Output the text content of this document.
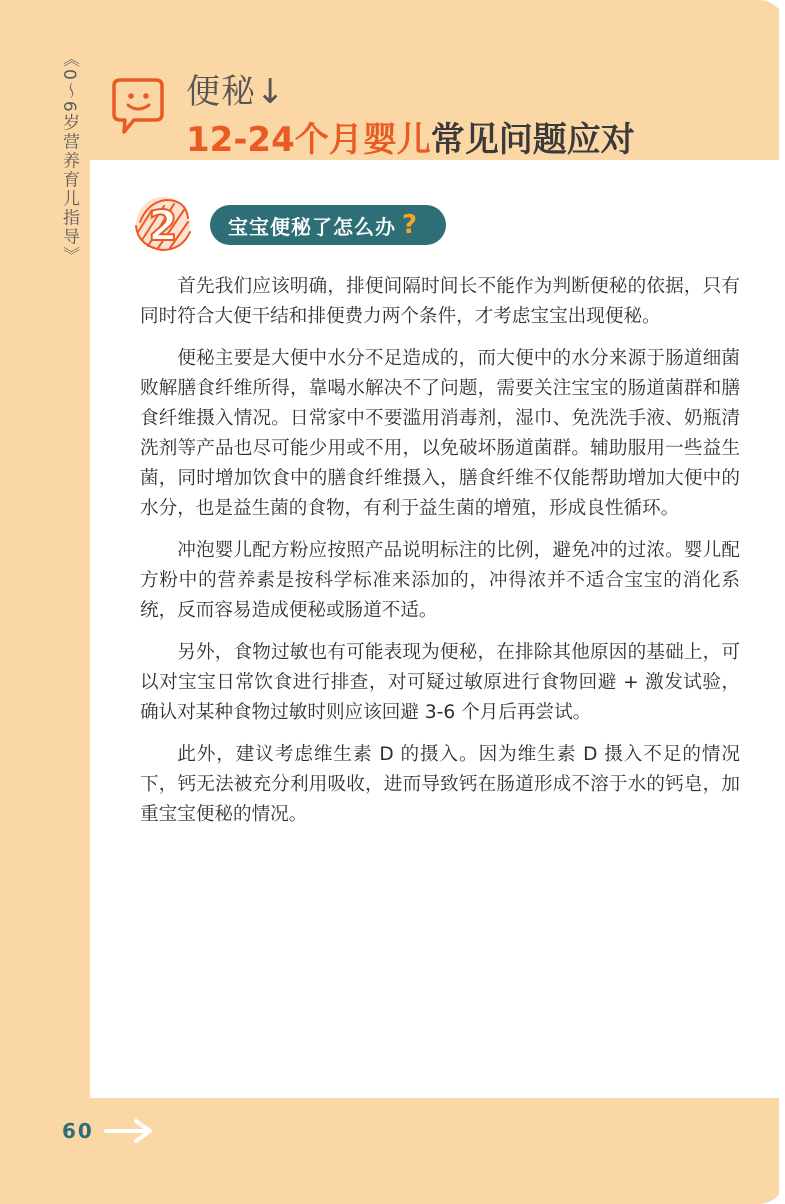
《0～6岁营养育儿指导》	便秘↓
12-24个月婴儿常见问题应对
2	宝宝便秘了怎么办 ?

首先我们应该明确，排便间隔时间长不能作为判断便秘的依据，只有同时符合大便干结和排便费力两个条件，才考虑宝宝出现便秘。

便秘主要是大便中水分不足造成的，而大便中的水分来源于肠道细菌败解膳食纤维所得，靠喝水解决不了问题，需要关注宝宝的肠道菌群和膳食纤维摄入情况。日常家中不要滥用消毒剂，湿巾、免洗洗手液、奶瓶清洗剂等产品也尽可能少用或不用，以免破坏肠道菌群。辅助服用一些益生菌，同时增加饮食中的膳食纤维摄入，膳食纤维不仅能帮助增加大便中的水分，也是益生菌的食物，有利于益生菌的增殖，形成良性循环。

冲泡婴儿配方粉应按照产品说明标注的比例，避免冲的过浓。婴儿配方粉中的营养素是按科学标准来添加的，冲得浓并不适合宝宝的消化系统，反而容易造成便秘或肠道不适。

另外，食物过敏也有可能表现为便秘，在排除其他原因的基础上，可以对宝宝日常饮食进行排查，对可疑过敏原进行食物回避 + 激发试验，确认对某种食物过敏时则应该回避 3-6 个月后再尝试。

此外，建议考虑维生素 D 的摄入。因为维生素 D 摄入不足的情况下，钙无法被充分利用吸收，进而导致钙在肠道形成不溶于水的钙皂，加重宝宝便秘的情况。

60
